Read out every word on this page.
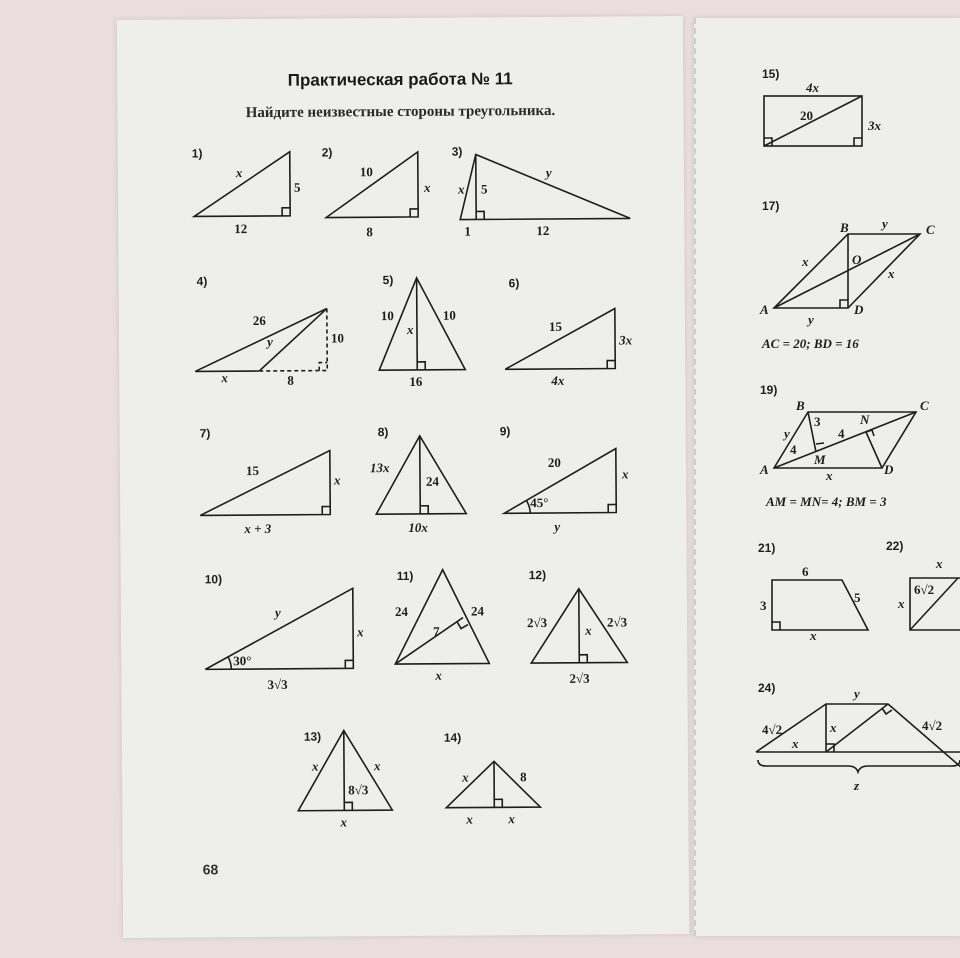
Практическая работа № 11
Найдите неизвестные стороны треугольника.
68
1)
x
5
12
2)
10
x
8
3)
x 5
y
1	12
4)
26
y	10
x	8
5)
10	10
x
16
6)
15
3x
4x
7)
15
x
x + 3
8)
13x
24
10x
9)
20
x
45°
y
10)
y
x
30°
3√3
11)
24	24
7
x
12)
2√3	2√3
x
2√3
13)
x	x
8√3
x
14)
x	8
x	x
15)
4x
20
3x
17)
B	y	C
x	O
x
A	D
y
AC = 20; BD = 16
19)
B	C
3	N
y	4
4
M
A	x	D
AM = MN= 4; BM = 3
21)
6
3
5
x
22)
x
x
6√2
24)	y
4√2	x	4√2
x
z
